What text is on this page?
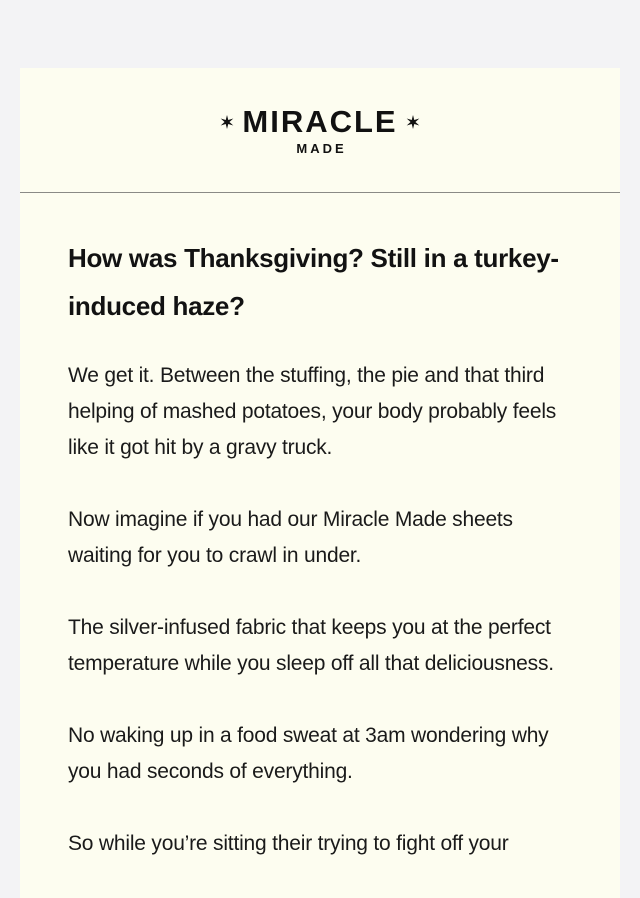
MIRACLE
MADE
How was Thanksgiving? Still in a turkey-induced haze?

We get it. Between the stuffing, the pie and that third helping of mashed potatoes, your body probably feels like it got hit by a gravy truck.

Now imagine if you had our Miracle Made sheets waiting for you to crawl in under.

The silver-infused fabric that keeps you at the perfect temperature while you sleep off all that deliciousness.

No waking up in a food sweat at 3am wondering why you had seconds of everything.

So while you’re sitting their trying to fight off your
